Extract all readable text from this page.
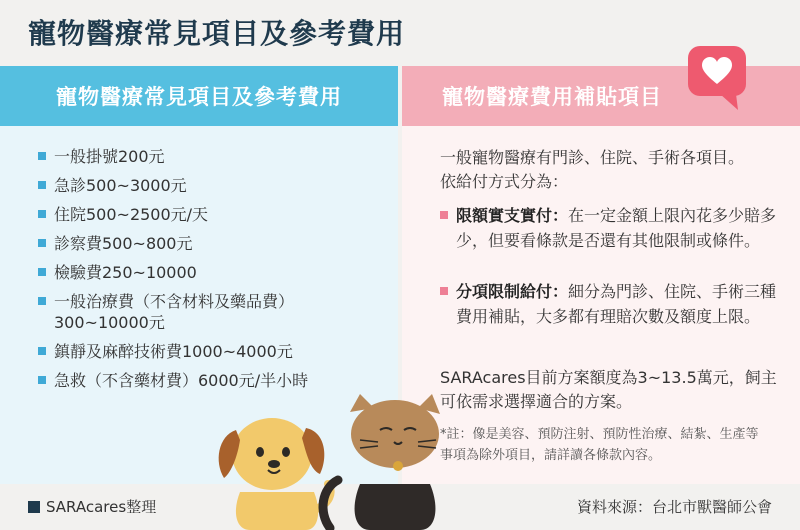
寵物醫療常見項目及參考費用
寵物醫療常見項目及參考費用
一般掛號200元
急診500~3000元
住院500~2500元/天
診察費500~800元
檢驗費250~10000
一般治療費（不含材料及藥品費）
300~10000元
鎮靜及麻醉技術費1000~4000元
急救（不含藥材費）6000元/半小時
寵物醫療費用補貼項目
一般寵物醫療有門診、住院、手術各項目。
依給付方式分為：
限額實支實付：在一定金額上限內花多少賠多少，但要看條款是否還有其他限制或條件。
分項限制給付：細分為門診、住院、手術三種費用補貼，大多都有理賠次數及額度上限。
SARAcares目前方案額度為3~13.5萬元，飼主可依需求選擇適合的方案。
*註：像是美容、預防注射、預防性治療、結紮、生產等事項為除外項目，請詳讀各條款內容。
SARAcares整理	資料來源：台北市獸醫師公會
